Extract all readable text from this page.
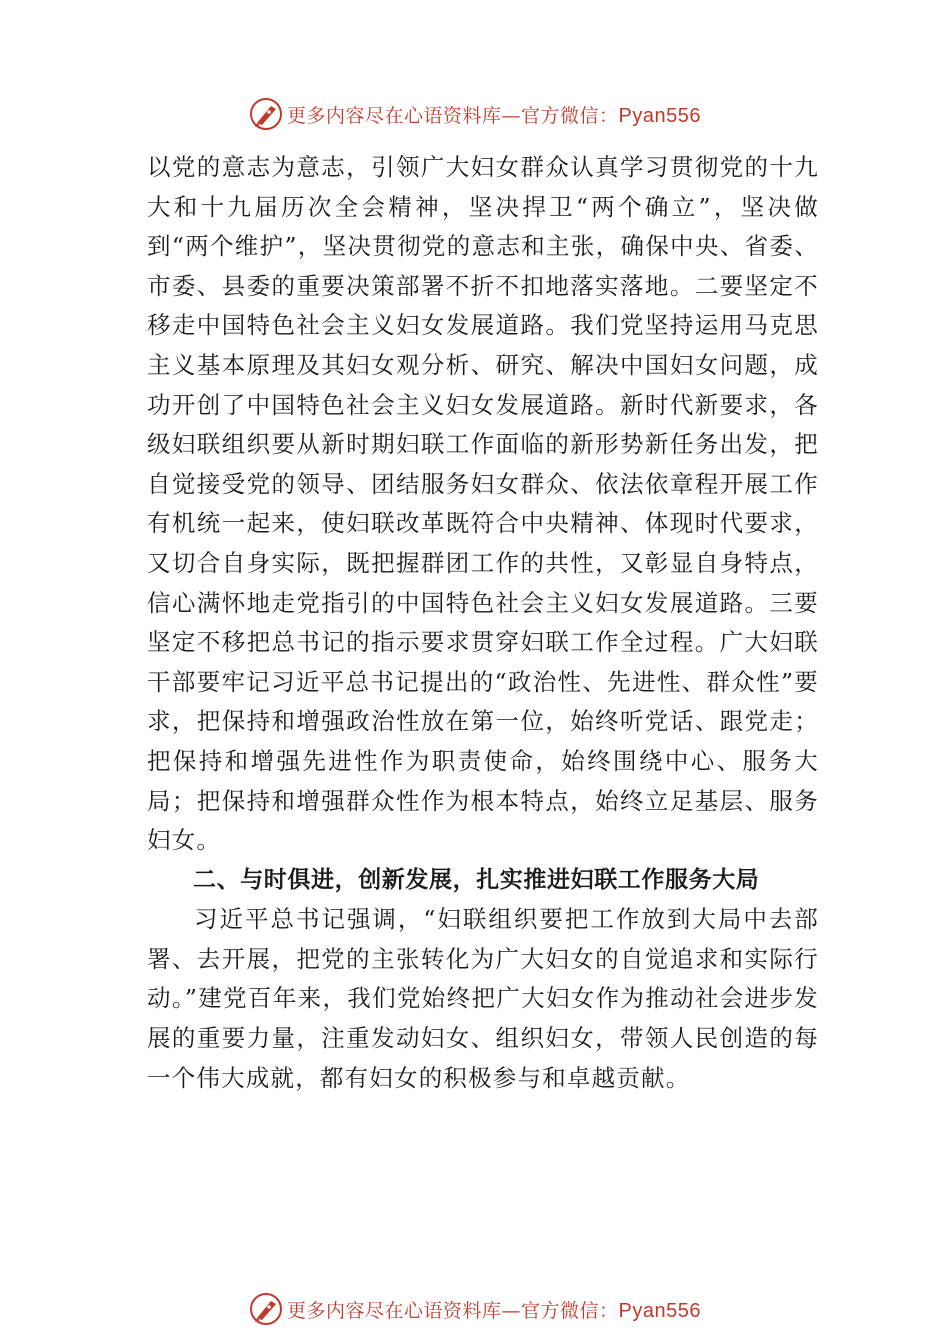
更多内容尽在心语资料库—官方微信：Pyan556

以党的意志为意志，引领广大妇女群众认真学习贯彻党的十九大和十九届历次全会精神，坚决捍卫“两个确立”，坚决做到“两个维护”，坚决贯彻党的意志和主张，确保中央、省委、市委、县委的重要决策部署不折不扣地落实落地。二要坚定不移走中国特色社会主义妇女发展道路。我们党坚持运用马克思主义基本原理及其妇女观分析、研究、解决中国妇女问题，成功开创了中国特色社会主义妇女发展道路。新时代新要求，各级妇联组织要从新时期妇联工作面临的新形势新任务出发，把自觉接受党的领导、团结服务妇女群众、依法依章程开展工作有机统一起来，使妇联改革既符合中央精神、体现时代要求，又切合自身实际，既把握群团工作的共性，又彰显自身特点，信心满怀地走党指引的中国特色社会主义妇女发展道路。三要坚定不移把总书记的指示要求贯穿妇联工作全过程。广大妇联干部要牢记习近平总书记提出的“政治性、先进性、群众性”要求，把保持和增强政治性放在第一位，始终听党话、跟党走；把保持和增强先进性作为职责使命，始终围绕中心、服务大局；把保持和增强群众性作为根本特点，始终立足基层、服务妇女。

二、与时俱进，创新发展，扎实推进妇联工作服务大局

习近平总书记强调，“妇联组织要把工作放到大局中去部署、去开展，把党的主张转化为广大妇女的自觉追求和实际行动。”建党百年来，我们党始终把广大妇女作为推动社会进步发展的重要力量，注重发动妇女、组织妇女，带领人民创造的每一个伟大成就，都有妇女的积极参与和卓越贡献。

更多内容尽在心语资料库—官方微信：Pyan556
